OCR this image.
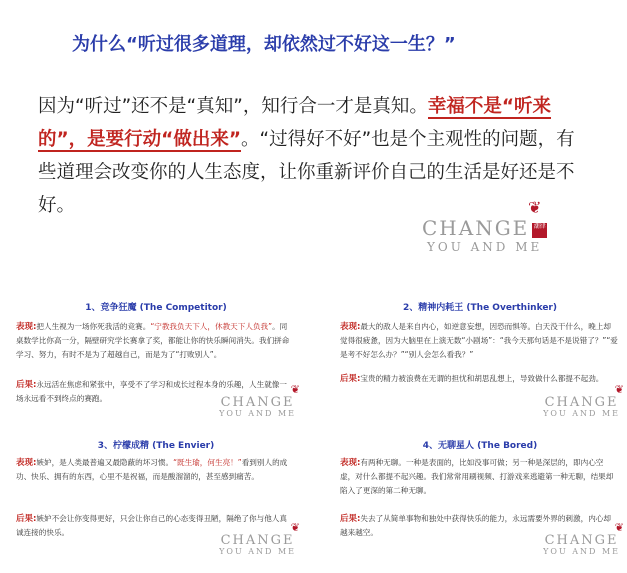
为什么“听过很多道理，却依然过不好这一生？”
因为“听过”还不是“真知”，知行合一才是真知。幸福不是“听来的”，是要行动“做出来”。“过得好不好”也是个主观性的问题，有些道理会改变你的人生态度，让你重新评价自己的生活是好还是不好。	❦
CHANGE 潮律
YOU AND ME
1、竞争狂魔 (The Competitor)
表现:把人生视为一场你死我活的竞赛。“宁教我负天下人，休教天下人负我”。同桌数学比你高一分，隔壁研究学长赛拿了奖，都能让你的快乐瞬间消失。我们拼命学习、努力，有时不是为了超越自己，而是为了“打败别人”。
后果:永远活在焦虑和紧张中，享受不了学习和成长过程本身的乐趣，人生就像一场永远看不到终点的赛跑。
❦
CHANGE
YOU AND ME
2、精神内耗王 (The Overthinker)
表现:最大的敌人是来自内心，如逆意妄想，因恐而惧等。白天没干什么，晚上却觉得很疲惫，因为大脑里在上演无数“小剧场”：“我今天那句话是不是说错了？”“爱是考不好怎么办？”“别人会怎么看我？”
后果:宝贵的精力被浪费在无谓的担忧和胡思乱想上，导致做什么都提不起劲。
❦
CHANGE
YOU AND ME
3、柠檬成精 (The Envier)
表现:嫉妒，是人类最普遍又最隐蔽的坏习惯。“既生瑜，何生亮！”看到别人的成功、快乐、拥有的东西，心里不是祝福，而是酸溜溜的，甚至感到痛苦。
后果:嫉妒不会让你变得更好，只会让你自己的心态变得丑陋，隔绝了你与他人真诚连接的快乐。	❦
CHANGE
YOU AND ME
4、无聊星人 (The Bored)
表现:有两种无聊。一种是表面的，比如没事可做；另一种是深层的，即内心空虚，对什么都提不起兴趣。我们常常用刷视频、打游戏来逃避第一种无聊，结果却陷入了更深的第二种无聊。
后果:失去了从简单事物和独处中获得快乐的能力，永远需要外界的刺激，内心却越来越空。	❦
CHANGE
YOU AND ME
